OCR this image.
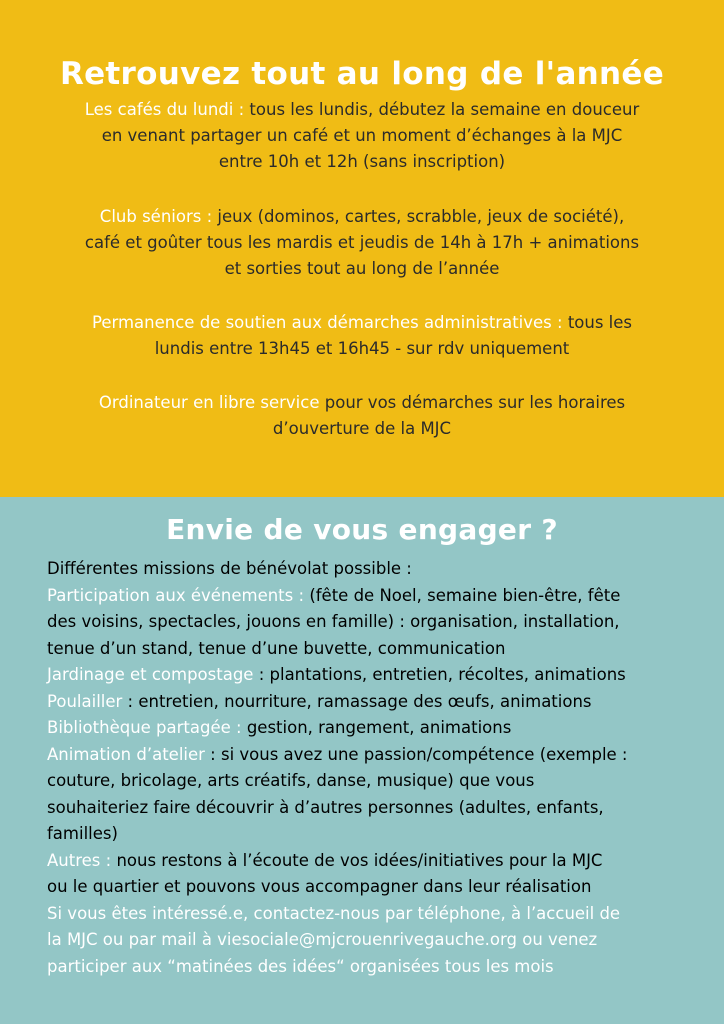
Retrouvez tout au long de l'année
Les cafés du lundi : tous les lundis, débutez la semaine en douceur
en venant partager un café et un moment d’échanges à la MJC
entre 10h et 12h (sans inscription)
Club séniors : jeux (dominos, cartes, scrabble, jeux de société),
café et goûter tous les mardis et jeudis de 14h à 17h + animations
et sorties tout au long de l’année
Permanence de soutien aux démarches administratives : tous les
lundis entre 13h45 et 16h45 - sur rdv uniquement
Ordinateur en libre service pour vos démarches sur les horaires
d’ouverture de la MJC
Envie de vous engager ?
Différentes missions de bénévolat possible :
Participation aux événements : (fête de Noel, semaine bien-être, fête
des voisins, spectacles, jouons en famille) : organisation, installation,
tenue d’un stand, tenue d’une buvette, communication
Jardinage et compostage : plantations, entretien, récoltes, animations
Poulailler : entretien, nourriture, ramassage des œufs, animations
Bibliothèque partagée : gestion, rangement, animations
Animation d’atelier : si vous avez une passion/compétence (exemple :
couture, bricolage, arts créatifs, danse, musique) que vous
souhaiteriez faire découvrir à d’autres personnes (adultes, enfants,
familles)
Autres : nous restons à l’écoute de vos idées/initiatives pour la MJC
ou le quartier et pouvons vous accompagner dans leur réalisation
Si vous êtes intéressé.e, contactez-nous par téléphone, à l’accueil de
la MJC ou par mail à viesociale@mjcrouenrivegauche.org ou venez
participer aux “matinées des idées“ organisées tous les mois
